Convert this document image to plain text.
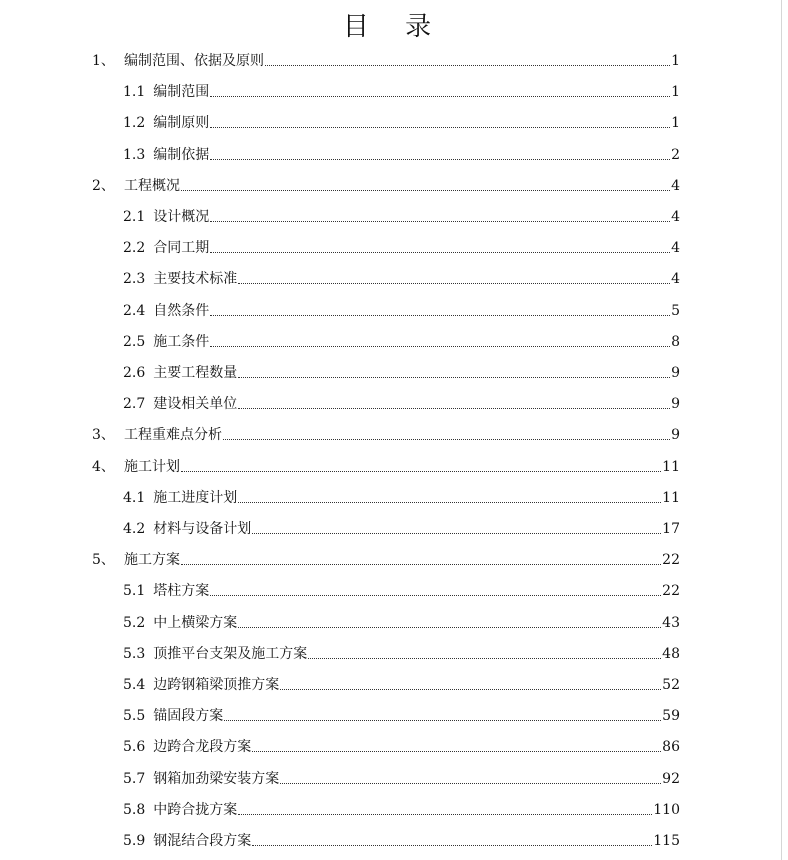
目 录
1、 编制范围、依据及原则	1
1.1 编制范围	1
1.2 编制原则	1
1.3 编制依据	2
2、 工程概况	4
2.1 设计概况	4
2.2 合同工期	4
2.3 主要技术标准	4
2.4 自然条件	5
2.5 施工条件	8
2.6 主要工程数量	9
2.7 建设相关单位	9
3、 工程重难点分析	9
4、 施工计划	11
4.1 施工进度计划	11
4.2 材料与设备计划	17
5、 施工方案	22
5.1 塔柱方案	22
5.2 中上横梁方案	43
5.3 顶推平台支架及施工方案	48
5.4 边跨钢箱梁顶推方案	52
5.5 锚固段方案	59
5.6 边跨合龙段方案	86
5.7 钢箱加劲梁安装方案	92
5.8 中跨合拢方案	110
5.9 钢混结合段方案	115
